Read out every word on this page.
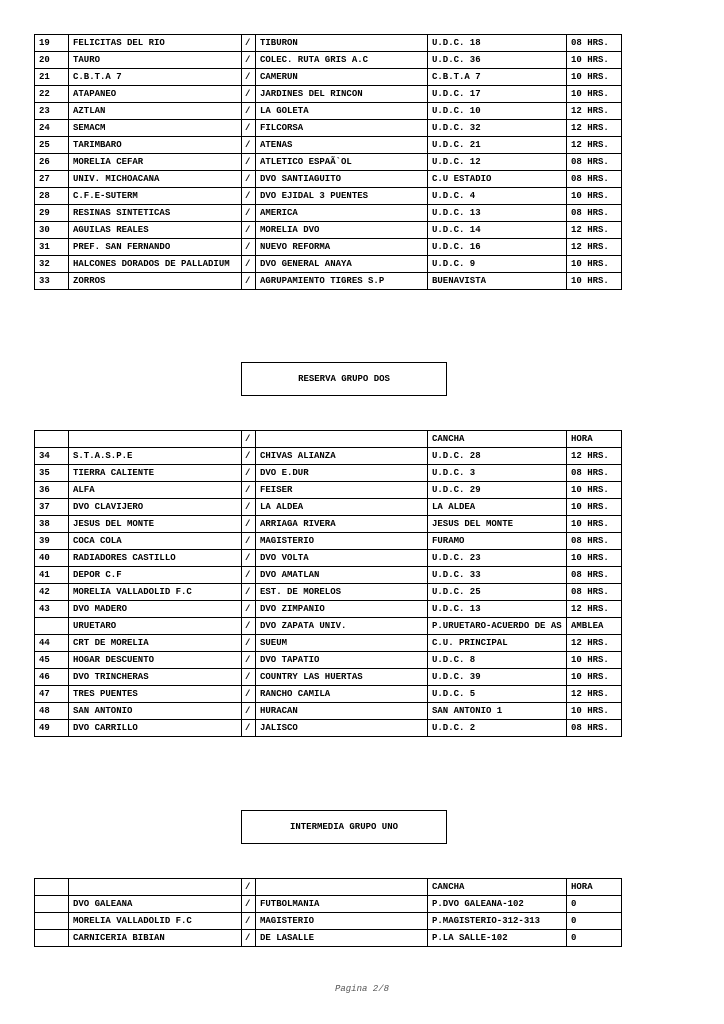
19	FELICITAS DEL RIO	/	TIBURON	U.D.C. 18	08 HRS.
20	TAURO	/	COLEC. RUTA GRIS A.C	U.D.C. 36	10 HRS.
21	C.B.T.A 7	/	CAMERUN	C.B.T.A 7	10 HRS.
22	ATAPANEO	/	JARDINES DEL RINCON	U.D.C. 17	10 HRS.
23	AZTLAN	/	LA GOLETA	U.D.C. 10	12 HRS.
24	SEMACM	/	FILCORSA	U.D.C. 32	12 HRS.
25	TARIMBARO	/	ATENAS	U.D.C. 21	12 HRS.
26	MORELIA CEFAR	/	ATLETICO ESPAÃ`OL	U.D.C. 12	08 HRS.
27	UNIV. MICHOACANA	/	DVO SANTIAGUITO	C.U ESTADIO	08 HRS.
28	C.F.E-SUTERM	/	DVO EJIDAL 3 PUENTES	U.D.C. 4	10 HRS.
29	RESINAS SINTETICAS	/	AMERICA	U.D.C. 13	08 HRS.
30	AGUILAS REALES	/	MORELIA DVO	U.D.C. 14	12 HRS.
31	PREF. SAN FERNANDO	/	NUEVO REFORMA	U.D.C. 16	12 HRS.
32	HALCONES DORADOS DE PALLADIUM	/	DVO GENERAL ANAYA	U.D.C. 9	10 HRS.
33	ZORROS	/	AGRUPAMIENTO TIGRES S.P	BUENAVISTA	10 HRS.
RESERVA GRUPO DOS
		/		CANCHA	HORA
34	S.T.A.S.P.E	/	CHIVAS ALIANZA	U.D.C. 28	12 HRS.
35	TIERRA CALIENTE	/	DVO E.DUR	U.D.C. 3	08 HRS.
36	ALFA	/	FEISER	U.D.C. 29	10 HRS.
37	DVO CLAVIJERO	/	LA ALDEA	LA ALDEA	10 HRS.
38	JESUS DEL MONTE	/	ARRIAGA RIVERA	JESUS DEL MONTE	10 HRS.
39	COCA COLA	/	MAGISTERIO	FURAMO	08 HRS.
40	RADIADORES CASTILLO	/	DVO VOLTA	U.D.C. 23	10 HRS.
41	DEPOR C.F	/	DVO AMATLAN	U.D.C. 33	08 HRS.
42	MORELIA VALLADOLID F.C	/	EST. DE MORELOS	U.D.C. 25	08 HRS.
43	DVO MADERO	/	DVO ZIMPANIO	U.D.C. 13	12 HRS.
	URUETARO	/	DVO ZAPATA UNIV.	P.URUETARO-ACUERDO DE AS	AMBLEA
44	CRT DE MORELIA	/	SUEUM	C.U. PRINCIPAL	12 HRS.
45	HOGAR DESCUENTO	/	DVO TAPATIO	U.D.C. 8	10 HRS.
46	DVO TRINCHERAS	/	COUNTRY LAS HUERTAS	U.D.C. 39	10 HRS.
47	TRES PUENTES	/	RANCHO CAMILA	U.D.C. 5	12 HRS.
48	SAN ANTONIO	/	HURACAN	SAN ANTONIO 1	10 HRS.
49	DVO CARRILLO	/	JALISCO	U.D.C. 2	08 HRS.
INTERMEDIA GRUPO UNO
		/		CANCHA	HORA
	DVO GALEANA	/	FUTBOLMANIA	P.DVO GALEANA-102	0
	MORELIA VALLADOLID F.C	/	MAGISTERIO	P.MAGISTERIO-312-313	0
	CARNICERIA BIBIAN	/	DE LASALLE	P.LA SALLE-102	0
Pagina 2/8
